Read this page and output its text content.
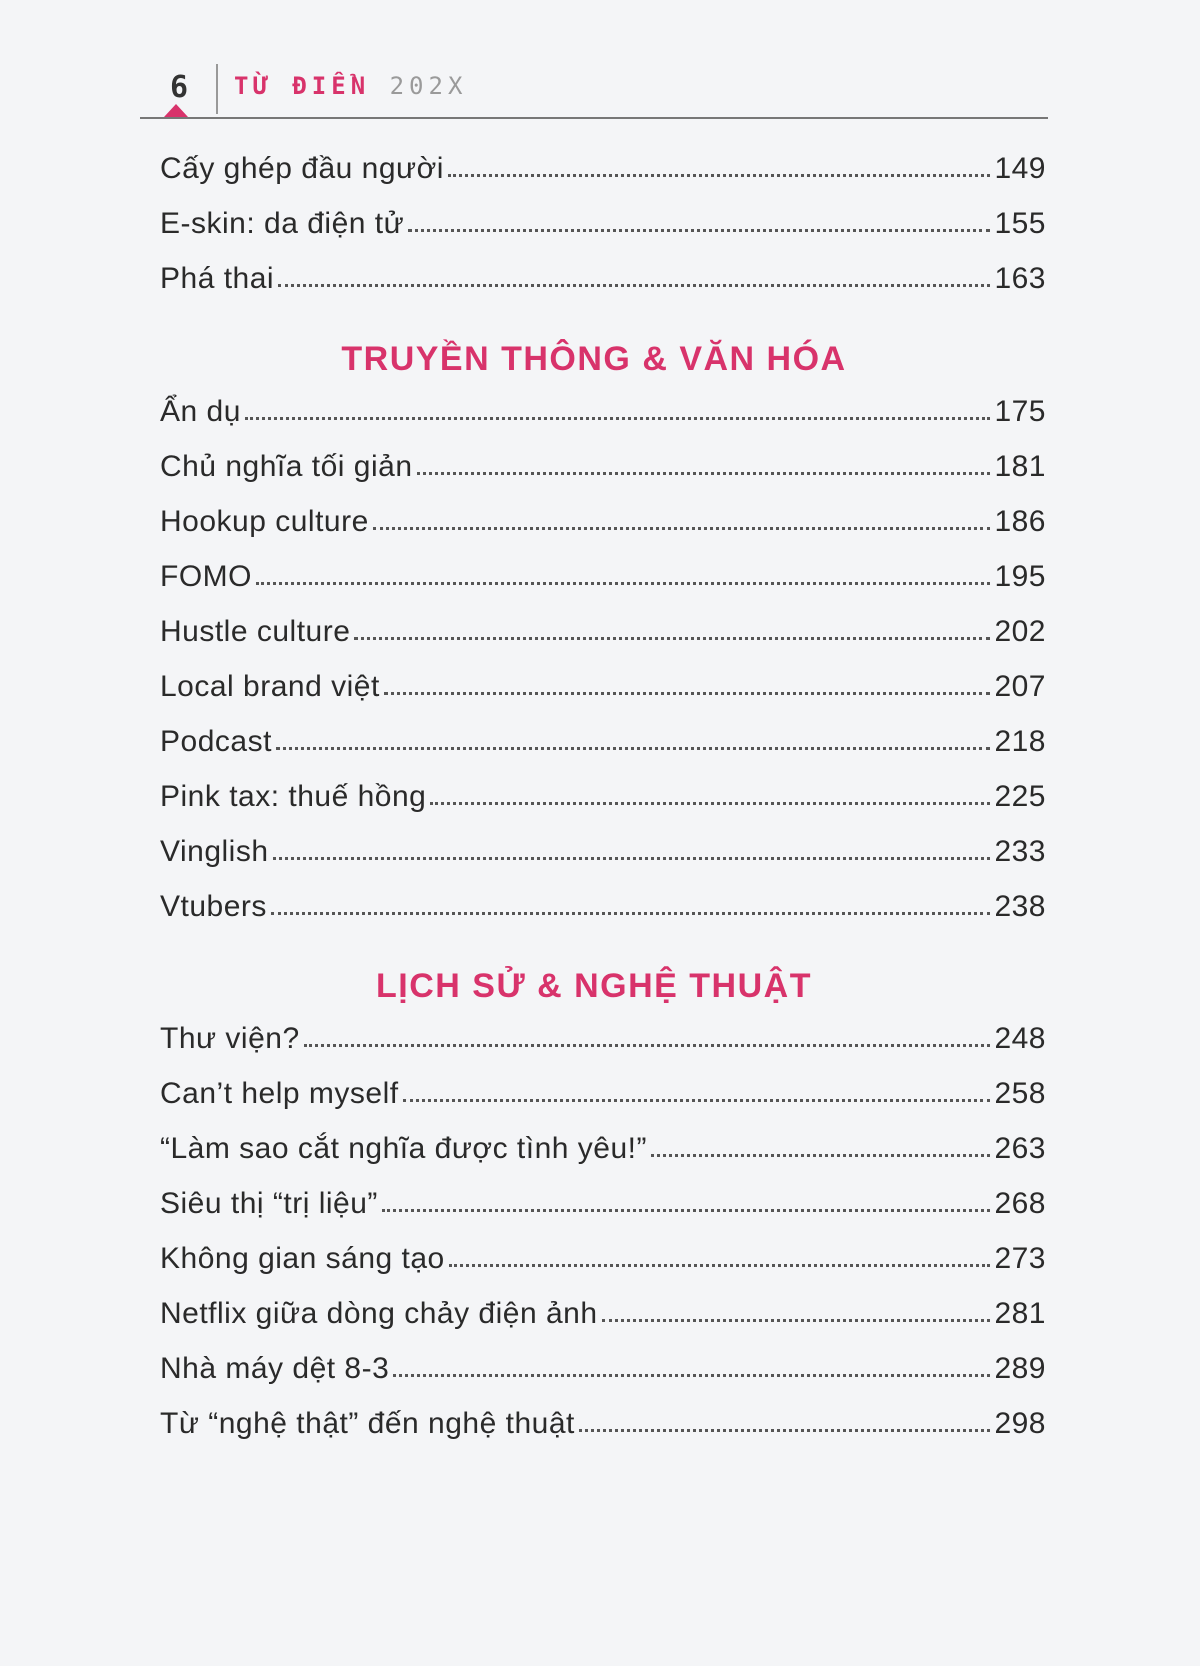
6 TỪ ĐIỂN 202X
Cấy ghép đầu người	149
E-skin: da điện tử	155
Phá thai	163
TRUYỀN THÔNG & VĂN HÓA
Ẩn dụ	175
Chủ nghĩa tối giản	181
Hookup culture	186
FOMO	195
Hustle culture	202
Local brand việt	207
Podcast	218
Pink tax: thuế hồng	225
Vinglish	233
Vtubers	238
LỊCH SỬ & NGHỆ THUẬT
Thư viện?	248
Can’t help myself	258
“Làm sao cắt nghĩa được tình yêu!”	263
Siêu thị “trị liệu”	268
Không gian sáng tạo	273
Netflix giữa dòng chảy điện ảnh	281
Nhà máy dệt 8-3	289
Từ “nghệ thật” đến nghệ thuật	298
